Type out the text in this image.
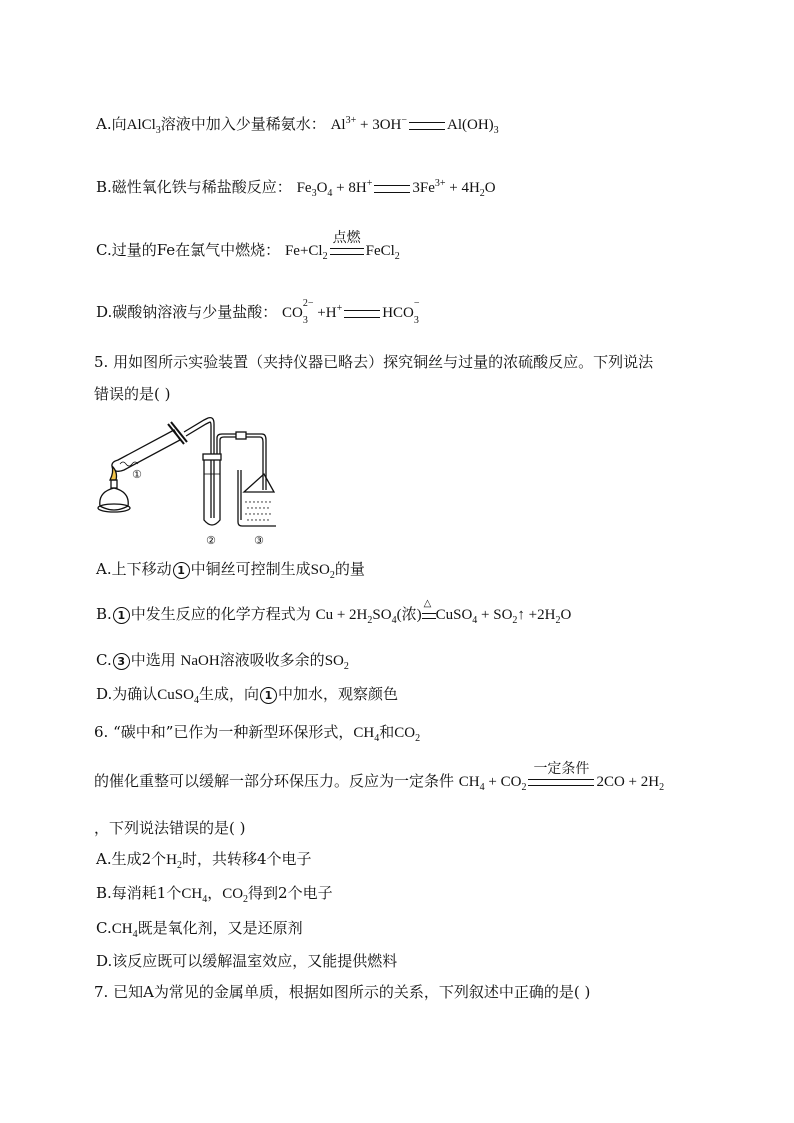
A.向AlCl$_3$溶液中加入少量稀氨水： $Al^{3+} + 3OH^-$	$Al(OH)_3$
B.磁性氧化铁与稀盐酸反应： $Fe_3O_4 + 8H^+$	$3Fe^{3+} + 4H_2O$
C.过量的Fe在氯气中燃烧： $Fe+Cl_2$
点燃
FeCl$_2$
D.碳酸钠溶液与少量盐酸： CO
$^{2-}$
$_3$ +H+	HCO
−
$_3$
5. 用如图所示实验装置（夹持仪器已略去）探究铜丝与过量的浓硫酸反应。下列说法
错误的是( )
①
②	③
A.上下移动 1 中铜丝可控制生成$SO_2$的量
B. 1 中发生反应的化学方程式为 $Cu + 2H_2SO_4$(浓)
△
CuSO$_4$ + $SO_2↑ +2H_2O$
C. 3 中选用 NaOH溶液吸收多余的$SO_2$
D.为确认CuSO$_4$生成，向 1 中加水，观察颜色
6. “碳中和”已作为一种新型环保形式，$CH_4$和$CO_2$
的催化重整可以缓解一部分环保压力。反应为一定条件 $CH_4 + CO_2$
一定条件
$2CO + 2H_2$
，下列说法错误的是( )
A.生成2个$H_2$时，共转移4个电子
B.每消耗1个$CH_4$，$CO_2$得到2个电子
$C.CH_4$既是氧化剂，又是还原剂
D.该反应既可以缓解温室效应，又能提供燃料
7. 已知A为常见的金属单质，根据如图所示的关系，下列叙述中正确的是( )
